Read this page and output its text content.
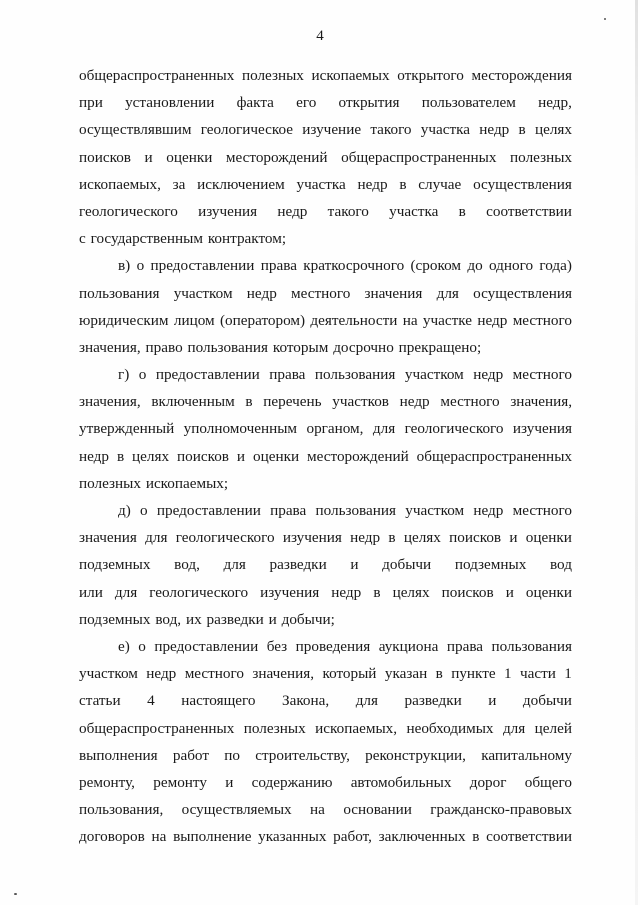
4
общераспространенных полезных ископаемых открытого месторождения
при установлении факта его открытия пользователем недр,
осуществлявшим геологическое изучение такого участка недр в целях
поисков и оценки месторождений общераспространенных полезных
ископаемых, за исключением участка недр в случае осуществления
геологического изучения недр такого участка в соответствии
с государственным контрактом;
в) о предоставлении права краткосрочного (сроком до одного года)
пользования участком недр местного значения для осуществления
юридическим лицом (оператором) деятельности на участке недр местного
значения, право пользования которым досрочно прекращено;
г) о предоставлении права пользования участком недр местного
значения, включенным в перечень участков недр местного значения,
утвержденный уполномоченным органом, для геологического изучения
недр в целях поисков и оценки месторождений общераспространенных
полезных ископаемых;
д) о предоставлении права пользования участком недр местного
значения для геологического изучения недр в целях поисков и оценки
подземных вод, для разведки и добычи подземных вод
или для геологического изучения недр в целях поисков и оценки
подземных вод, их разведки и добычи;
е) о предоставлении без проведения аукциона права пользования
участком недр местного значения, который указан в пункте 1 части 1
статьи 4 настоящего Закона, для разведки и добычи
общераспространенных полезных ископаемых, необходимых для целей
выполнения работ по строительству, реконструкции, капитальному
ремонту, ремонту и содержанию автомобильных дорог общего
пользования, осуществляемых на основании гражданско-правовых
договоров на выполнение указанных работ, заключенных в соответствии
